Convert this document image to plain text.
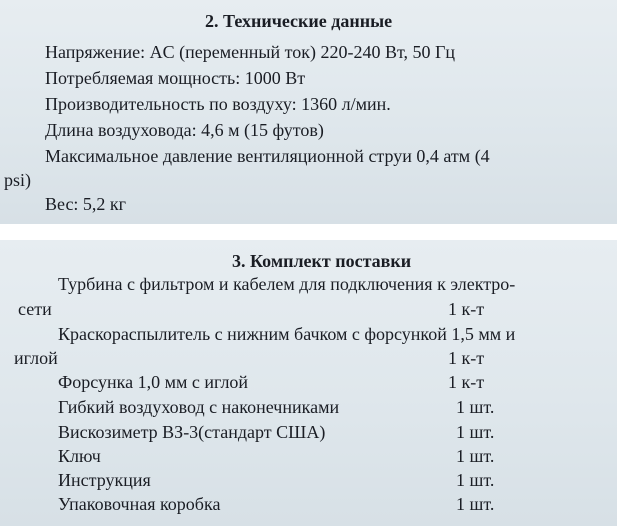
2. Технические данные
Напряжение: AC (переменный ток) 220-240 Вт, 50 Гц
Потребляемая мощность: 1000 Вт
Производительность по воздуху: 1360 л/мин.
Длина воздуховода: 4,6 м (15 футов)
Максимальное давление вентиляционной струи 0,4 атм (4
psi)
Вес: 5,2 кг
3. Комплект поставки
Турбина с фильтром и кабелем для подключения к электро-
сети	1 к-т
Краскораспылитель с нижним бачком с форсункой 1,5 мм и
иглой	1 к-т
Форсунка 1,0 мм с иглой	1 к-т
Гибкий воздуховод с наконечниками	1 шт.
Вискозиметр ВЗ-3(стандарт США)	1 шт.
Ключ	1 шт.
Инструкция	1 шт.
Упаковочная коробка	1 шт.
